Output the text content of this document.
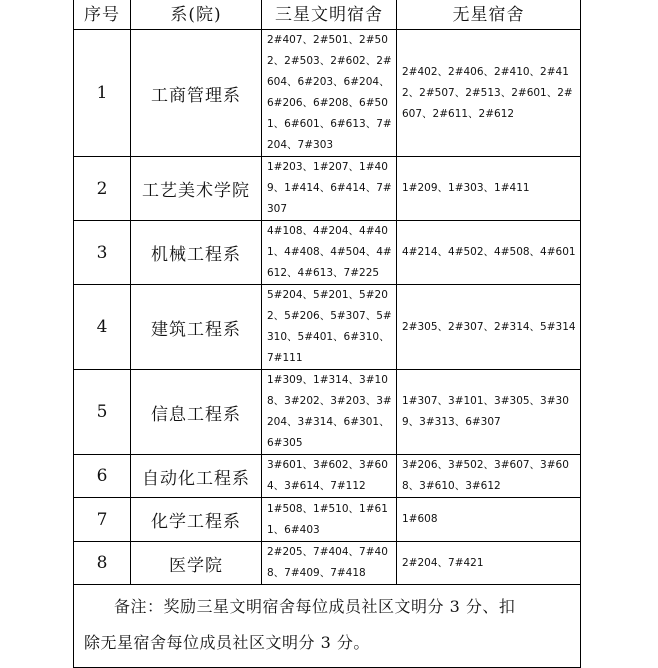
序号	系(院)	三星文明宿舍	无星宿舍
1	工商管理系	2#407、2#501、2#502、2#503、2#602、2#604、6#203、6#204、6#206、6#208、6#501、6#601、6#613、7#204、7#303	2#402、2#406、2#410、2#412、2#507、2#513、2#601、2#607、2#611、2#612
2	工艺美术学院	1#203、1#207、1#409、1#414、6#414、7#307	1#209、1#303、1#411
3	机械工程系	4#108、4#204、4#401、4#408、4#504、4#612、4#613、7#225	4#214、4#502、4#508、4#601
4	建筑工程系	5#204、5#201、5#202、5#206、5#307、5#310、5#401、6#310、7#111	2#305、2#307、2#314、5#314
5	信息工程系	1#309、1#314、3#108、3#202、3#203、3#204、3#314、6#301、6#305	1#307、3#101、3#305、3#309、3#313、6#307
6	自动化工程系	3#601、3#602、3#604、3#614、7#112	3#206、3#502、3#607、3#608、3#610、3#612
7	化学工程系	1#508、1#510、1#611、6#403	1#608
8	医学院	2#205、7#404、7#408、7#409、7#418	2#204、7#421

备注：奖励三星文明宿舍每位成员社区文明分 3 分、扣
除无星宿舍每位成员社区文明分 3 分。			
